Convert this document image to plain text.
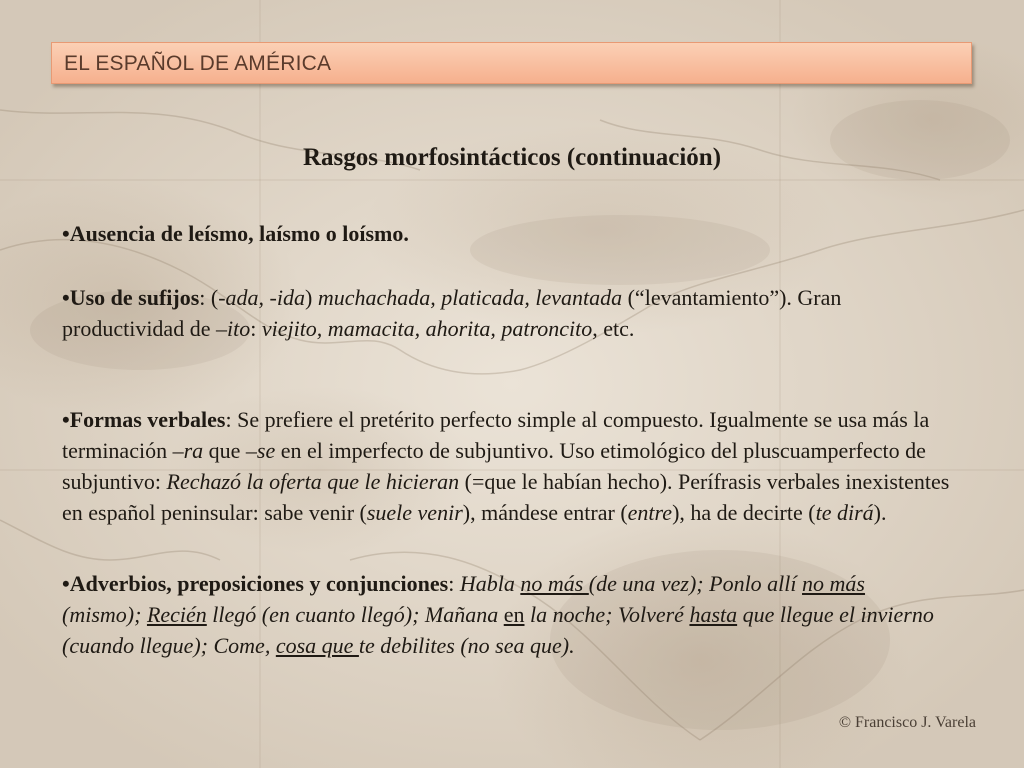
EL ESPAÑOL DE AMÉRICA
Rasgos morfosintácticos (continuación)

•Ausencia de leísmo, laísmo o loísmo.

•Uso de sufijos: (-ada, -ida) muchachada, platicada, levantada (“levantamiento”). Gran productividad de –ito: viejito, mamacita, ahorita, patroncito, etc.

•Formas verbales: Se prefiere el pretérito perfecto simple al compuesto. Igualmente se usa más la terminación –ra que –se en el imperfecto de subjuntivo. Uso etimológico del pluscuamperfecto de subjuntivo: Rechazó la oferta que le hicieran (=que le habían hecho). Perífrasis verbales inexistentes en español peninsular: sabe venir (suele venir), mándese entrar (entre), ha de decirte (te dirá).

•Adverbios, preposiciones y conjunciones: Habla no más (de una vez); Ponlo allí no más (mismo); Recién llegó (en cuanto llegó); Mañana en la noche; Volveré hasta que llegue el invierno (cuando llegue); Come, cosa que te debilites (no sea que).

© Francisco J. Varela
